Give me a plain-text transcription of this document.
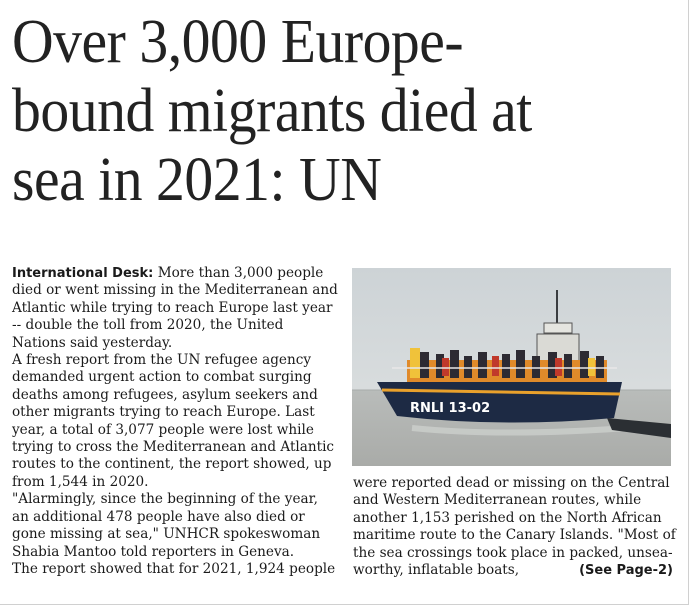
Over 3,000 Europe-
bound migrants died at
sea in 2021: UN

International Desk: More than 3,000 people

died or went missing in the Mediterranean and

Atlantic while trying to reach Europe last year

-- double the toll from 2020, the United

Nations said yesterday.

A fresh report from the UN refugee agency

demanded urgent action to combat surging

deaths among refugees, asylum seekers and

other migrants trying to reach Europe. Last

year, a total of 3,077 people were lost while

trying to cross the Mediterranean and Atlantic

routes to the continent, the report showed, up

from 1,544 in 2020.

"Alarmingly, since the beginning of the year,

an additional 478 people have also died or

gone missing at sea," UNHCR spokeswoman

Shabia Mantoo told reporters in Geneva.

The report showed that for 2021, 1,924 people

RNLI 13-02

were reported dead or missing on the Central

and Western Mediterranean routes, while

another 1,153 perished on the North African

maritime route to the Canary Islands. "Most of

the sea crossings took place in packed, unsea-

worthy, inflatable boats,	(See Page-2)
